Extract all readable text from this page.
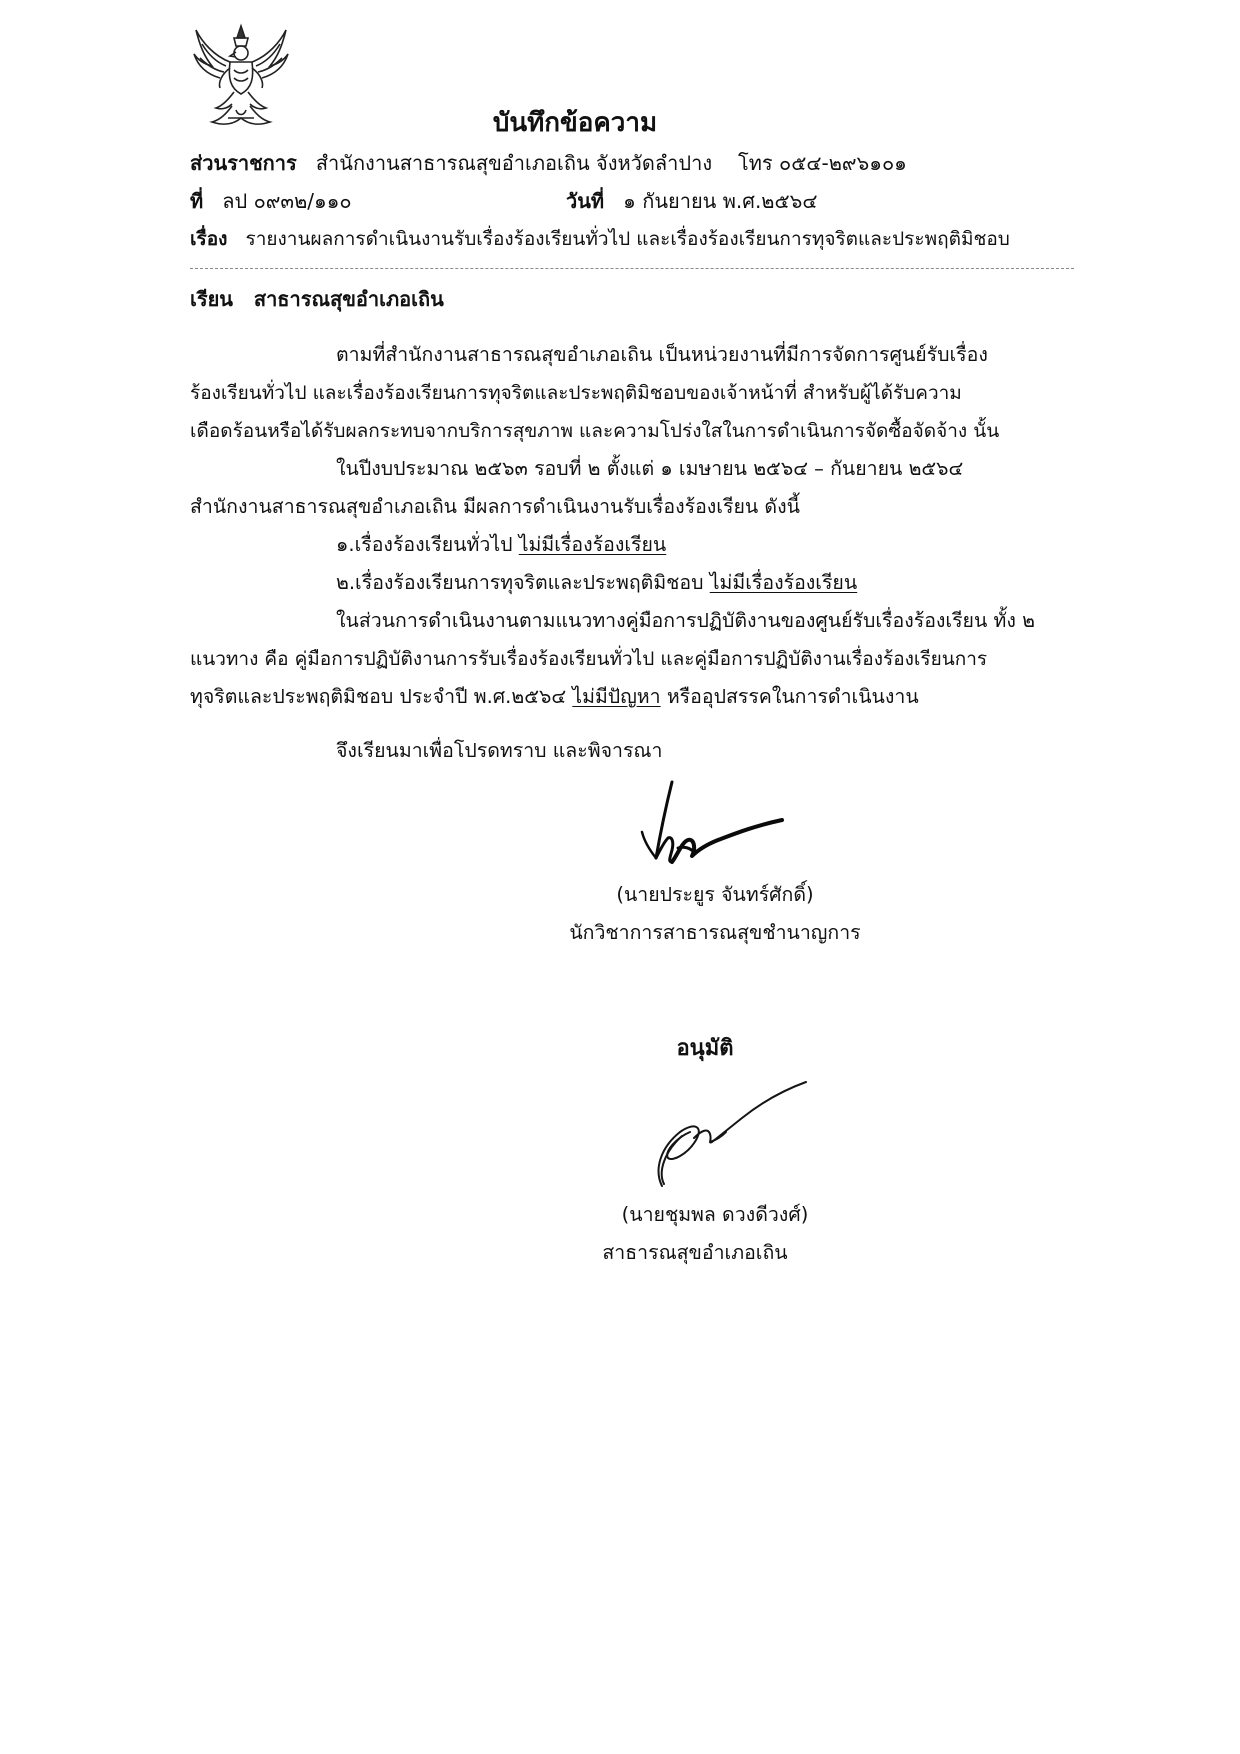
บันทึกข้อความ
ส่วนราชการ สำนักงานสาธารณสุขอำเภอเถิน จังหวัดลำปาง โทร ๐๕๔-๒๙๖๑๐๑
ที่ ลป ๐๙๓๒/๑๑๐	วันที่ ๑ กันยายน พ.ศ.๒๕๖๔
เรื่อง รายงานผลการดำเนินงานรับเรื่องร้องเรียนทั่วไป และเรื่องร้องเรียนการทุจริตและประพฤติมิชอบ
เรียน สาธารณสุขอำเภอเถิน
ตามที่สำนักงานสาธารณสุขอำเภอเถิน เป็นหน่วยงานที่มีการจัดการศูนย์รับเรื่อง
ร้องเรียนทั่วไป และเรื่องร้องเรียนการทุจริตและประพฤติมิชอบของเจ้าหน้าที่ สำหรับผู้ได้รับความ
เดือดร้อนหรือได้รับผลกระทบจากบริการสุขภาพ และความโปร่งใสในการดำเนินการจัดซื้อจัดจ้าง นั้น
ในปีงบประมาณ ๒๕๖๓ รอบที่ ๒ ตั้งแต่ ๑ เมษายน ๒๕๖๔ – กันยายน ๒๕๖๔
สำนักงานสาธารณสุขอำเภอเถิน มีผลการดำเนินงานรับเรื่องร้องเรียน ดังนี้
๑.เรื่องร้องเรียนทั่วไป ไม่มีเรื่องร้องเรียน
๒.เรื่องร้องเรียนการทุจริตและประพฤติมิชอบ ไม่มีเรื่องร้องเรียน
ในส่วนการดำเนินงานตามแนวทางคู่มือการปฏิบัติงานของศูนย์รับเรื่องร้องเรียน ทั้ง ๒
แนวทาง คือ คู่มือการปฏิบัติงานการรับเรื่องร้องเรียนทั่วไป และคู่มือการปฏิบัติงานเรื่องร้องเรียนการ
ทุจริตและประพฤติมิชอบ ประจำปี พ.ศ.๒๕๖๔ ไม่มีปัญหา หรืออุปสรรคในการดำเนินงาน
จึงเรียนมาเพื่อโปรดทราบ และพิจารณา
(นายประยูร จันทร์ศักดิ์)
นักวิชาการสาธารณสุขชำนาญการ
อนุมัติ
(นายชุมพล ดวงดีวงศ์)
สาธารณสุขอำเภอเถิน
